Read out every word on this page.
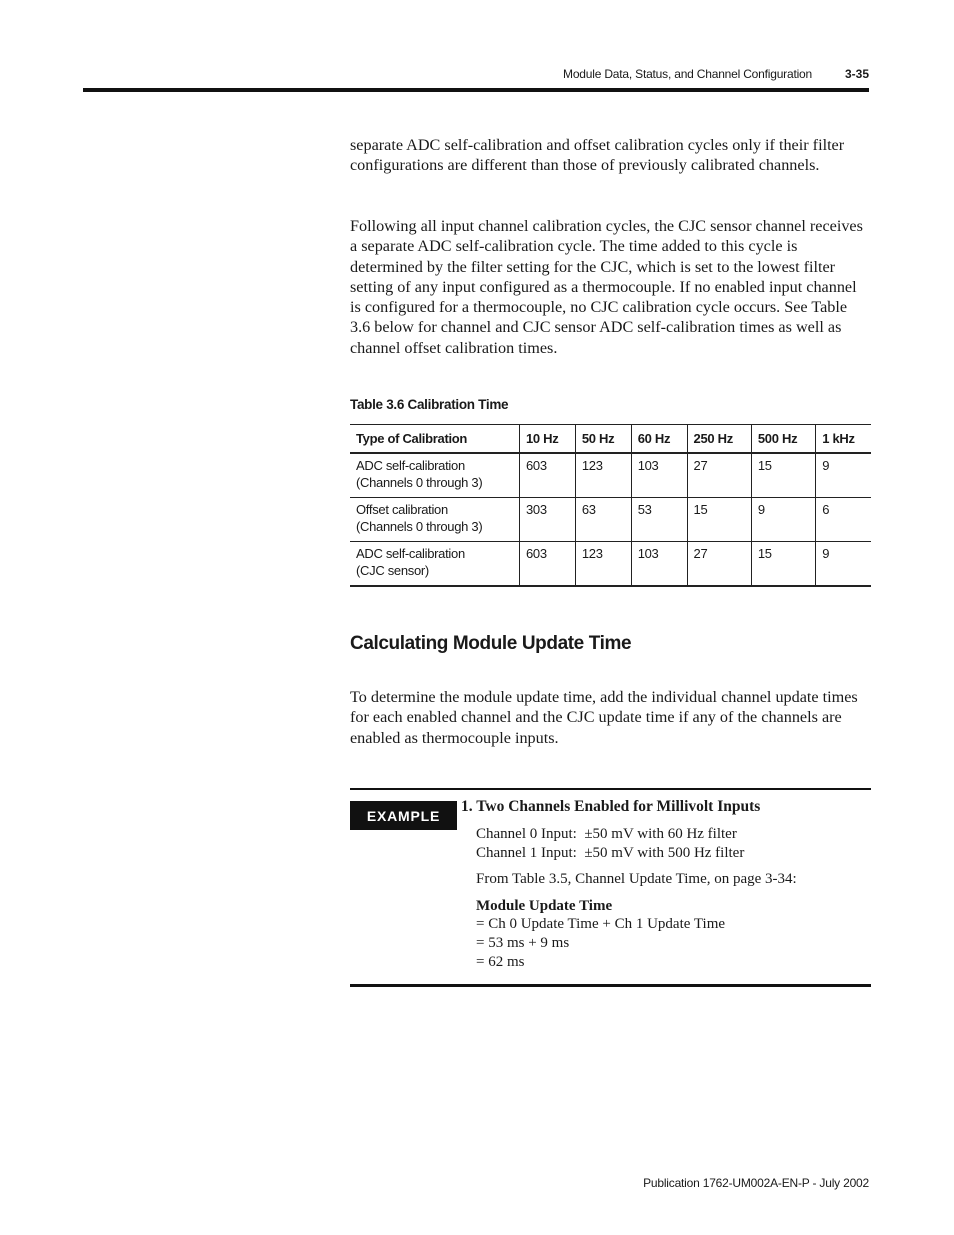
Module Data, Status, and Channel Configuration	3-35

separate ADC self-calibration and offset calibration cycles only if their filter configurations are different than those of previously calibrated channels.

Following all input channel calibration cycles, the CJC sensor channel receives a separate ADC self-calibration cycle. The time added to this cycle is determined by the filter setting for the CJC, which is set to the lowest filter setting of any input configured as a thermocouple. If no enabled input channel is configured for a thermocouple, no CJC calibration cycle occurs. See Table 3.6 below for channel and CJC sensor ADC self-calibration times as well as channel offset calibration times.

Table 3.6 Calibration Time
Type of Calibration	10 Hz	50 Hz	60 Hz	250 Hz	500 Hz	1 kHz

ADC self-calibration
(Channels 0 through 3)	603	123	103	27	15	9

Offset calibration
(Channels 0 through 3)	303	63	53	15	9	6

ADC self-calibration
(CJC sensor)	603	123	103	27	15	9
Calculating Module Update Time

To determine the module update time, add the individual channel update times for each enabled channel and the CJC update time if any of the channels are enabled as thermocouple inputs.

EXAMPLE
1. Two Channels Enabled for Millivolt Inputs
Channel 0 Input:  ±50 mV with 60 Hz filter
Channel 1 Input:  ±50 mV with 500 Hz filter
From Table 3.5, Channel Update Time, on page 3-34:
Module Update Time
= Ch 0 Update Time + Ch 1 Update Time
= 53 ms + 9 ms
= 62 ms
Publication 1762-UM002A-EN-P - July 2002
